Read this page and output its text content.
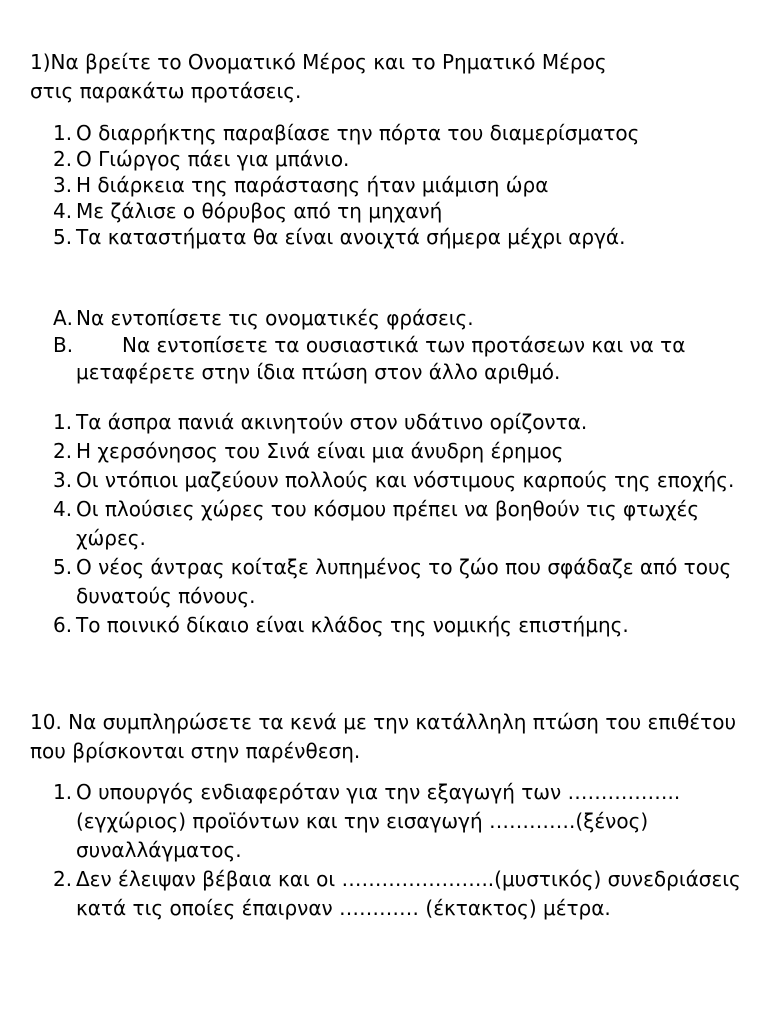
1)Να βρείτε το Ονοματικό Μέρος και το Ρηματικό Μέρος
στις παρακάτω προτάσεις.

1. Ο διαρρήκτης παραβίασε την πόρτα του διαμερίσματος
2. Ο Γιώργος πάει για μπάνιο.
3. Η διάρκεια της παράστασης ήταν μιάμιση ώρα
4. Με ζάλισε ο θόρυβος από τη μηχανή
5. Τα καταστήματα θα είναι ανοιχτά σήμερα μέχρι αργά.
Α. Να εντοπίσετε τις ονοματικές φράσεις.
Β. Να εντοπίσετε τα ουσιαστικά των προτάσεων και να τα μεταφέρετε στην ίδια πτώση στον άλλο αριθμό.
1. Τα άσπρα πανιά ακινητούν στον υδάτινο ορίζοντα.
2. Η χερσόνησος του Σινά είναι μια άνυδρη έρημος
3. Οι ντόπιοι μαζεύουν πολλούς και νόστιμους καρπούς της εποχής.
4. Οι πλούσιες χώρες του κόσμου πρέπει να βοηθούν τις φτωχές χώρες.
5. Ο νέος άντρας κοίταξε λυπημένος το ζώο που σφάδαζε από τους δυνατούς πόνους.
6. Το ποινικό δίκαιο είναι κλάδος της νομικής επιστήμης.

10. Να συμπληρώσετε τα κενά με την κατάλληλη πτώση του επιθέτου που βρίσκονται στην παρένθεση.

1. Ο υπουργός ενδιαφερόταν για την εξαγωγή των ……………..(εγχώριος) προϊόντων και την εισαγωγή ………….(ξένος) συναλλάγματος.
2. Δεν έλειψαν βέβαια και οι …………………..(μυστικός) συνεδριάσεις κατά τις οποίες έπαιρναν ………… (έκτακτος) μέτρα.
